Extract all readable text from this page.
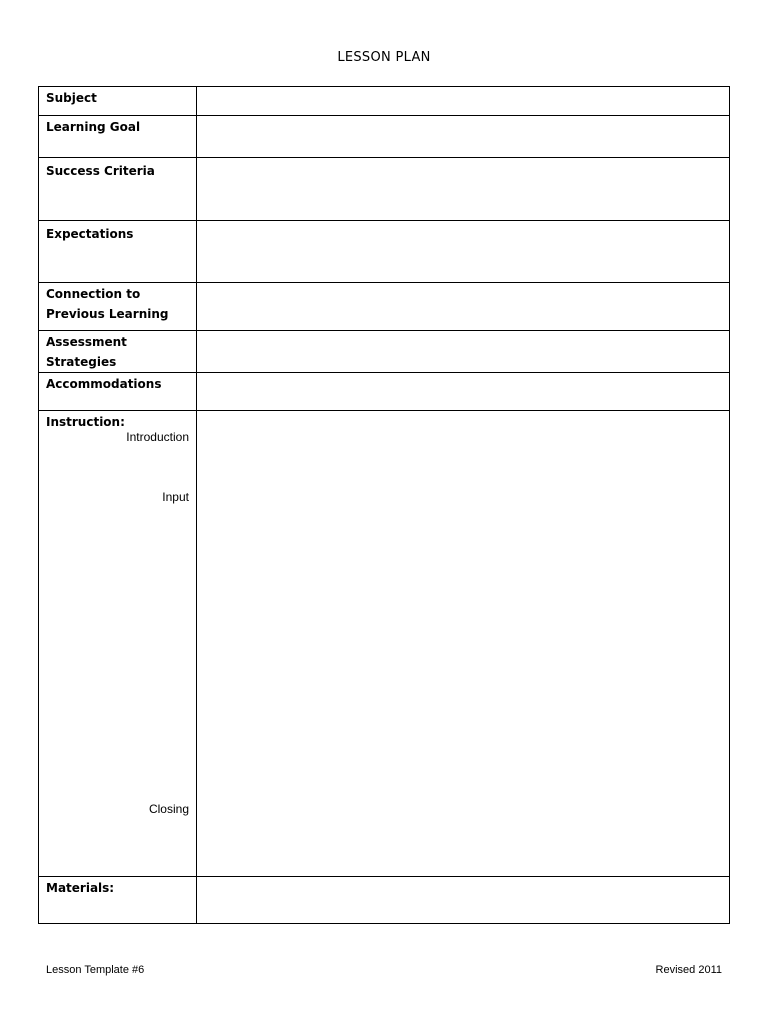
LESSON PLAN
Subject	

Learning Goal	

Success Criteria	

Expectations	

Connection to
Previous Learning	

Assessment
Strategies	

Accommodations	

Instruction:
Introduction
Input
Closing	

Materials:	

Lesson Template #6	Revised 2011
